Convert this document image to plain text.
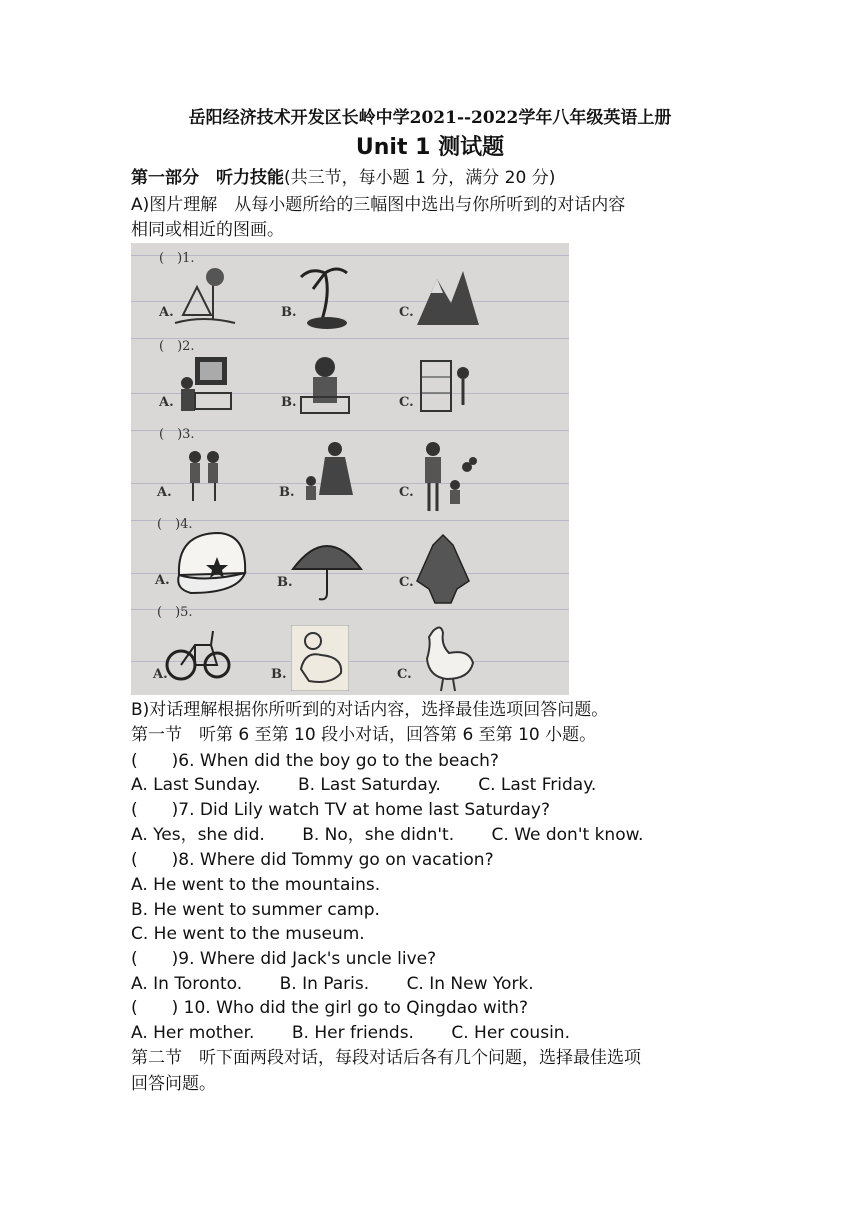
岳阳经济技术开发区长岭中学2021--2022学年八年级英语上册
Unit 1 测试题
第一部分　听力技能(共三节，每小题 1 分，满分 20 分)
A)图片理解　从每小题所给的三幅图中选出与你所听到的对话内容
相同或相近的图画。
(　)1.
A.	B.	C.
(　)2.
A.	B.	C.
(　)3.
A.	B.	C.
(　)4.
A.	B.	C.
(　)5.
A.	B.	C.
B)对话理解根据你所听到的对话内容，选择最佳选项回答问题。
第一节　听第 6 至第 10 段小对话，回答第 6 至第 10 小题。
(　　)6. When did the boy go to the beach?
A. Last Sunday. B. Last Saturday. C. Last Friday.
(　　)7. Did Lily watch TV at home last Saturday?
A. Yes，she did. B. No，she didn't. C. We don't know.
(　　)8. Where did Tommy go on vacation?
A. He went to the mountains.
B. He went to summer camp.
C. He went to the museum.
(　　)9. Where did Jack's uncle live?
A. In Toronto. B. In Paris. C. In New York.
(　　) 10. Who did the girl go to Qingdao with?
A. Her mother. B. Her friends. C. Her cousin.
第二节　听下面两段对话，每段对话后各有几个问题，选择最佳选项
回答问题。
